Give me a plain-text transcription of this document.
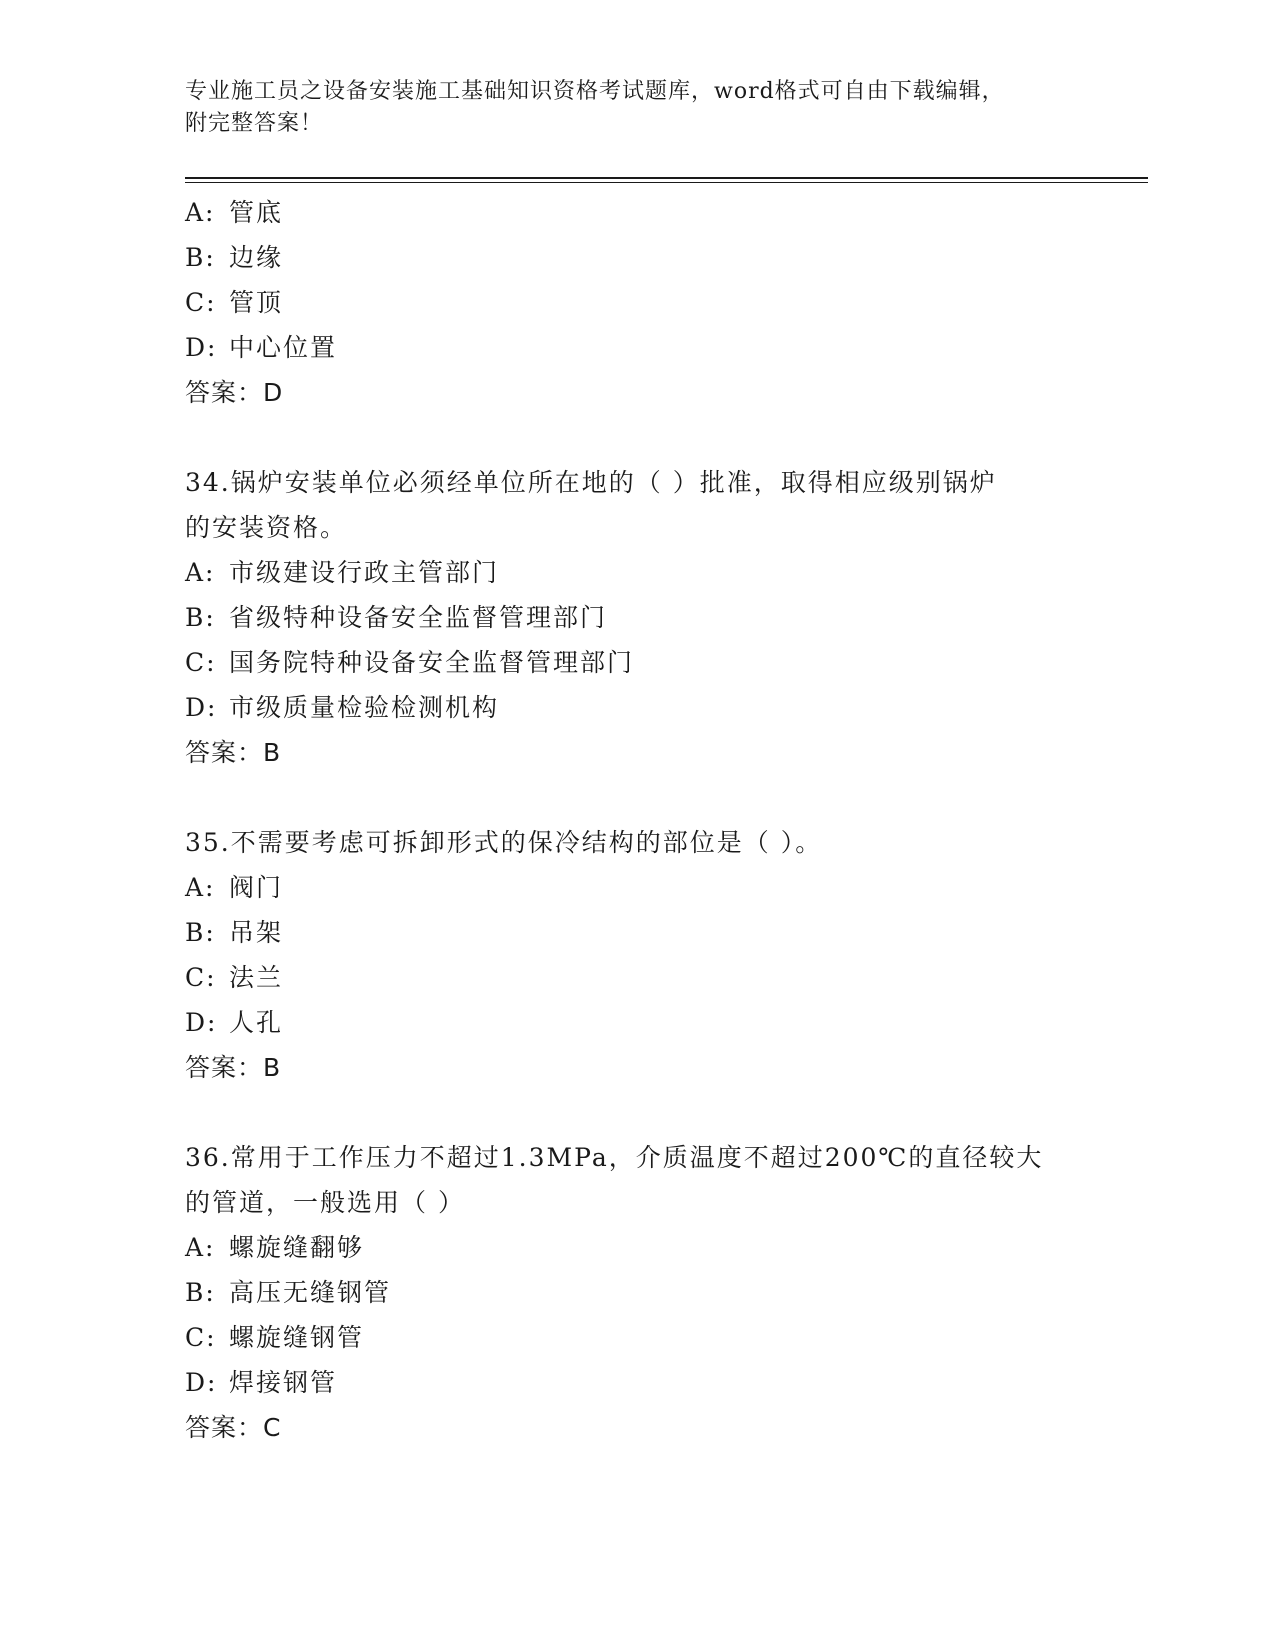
专业施工员之设备安装施工基础知识资格考试题库，word格式可自由下载编辑，
附完整答案！
A: 管底
B: 边缘
C: 管顶
D: 中心位置
答案：D
34.锅炉安装单位必须经单位所在地的（ ）批准，取得相应级别锅炉
的安装资格。
A: 市级建设行政主管部门
B: 省级特种设备安全监督管理部门
C: 国务院特种设备安全监督管理部门
D: 市级质量检验检测机构
答案：B
35.不需要考虑可拆卸形式的保冷结构的部位是（ ）。
A: 阀门
B: 吊架
C: 法兰
D: 人孔
答案：B
36.常用于工作压力不超过1.3MPa，介质温度不超过200℃的直径较大
的管道，一般选用（ ）
A: 螺旋缝翻够
B: 高压无缝钢管
C: 螺旋缝钢管
D: 焊接钢管
答案：C
